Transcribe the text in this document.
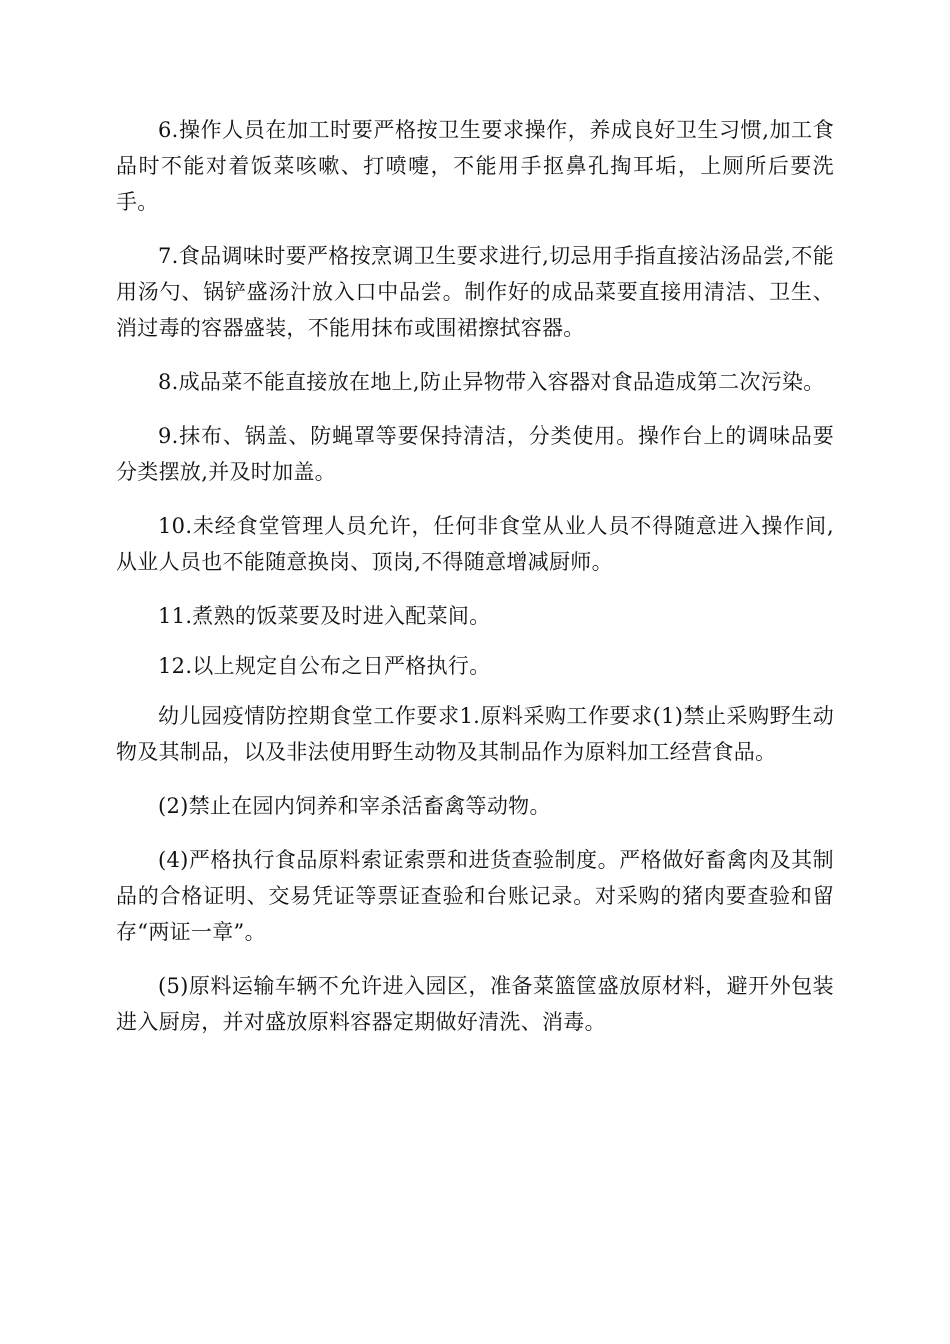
6.操作人员在加工时要严格按卫生要求操作，养成良好卫生习惯,加工食品时不能对着饭菜咳嗽、打喷嚏，不能用手抠鼻孔掏耳垢，上厕所后要洗手。

7.食品调味时要严格按烹调卫生要求进行,切忌用手指直接沾汤品尝,不能用汤勺、锅铲盛汤汁放入口中品尝。制作好的成品菜要直接用清洁、卫生、消过毒的容器盛装，不能用抹布或围裙擦拭容器。

8.成品菜不能直接放在地上,防止异物带入容器对食品造成第二次污染。

9.抹布、锅盖、防蝇罩等要保持清洁，分类使用。操作台上的调味品要分类摆放,并及时加盖。

10.未经食堂管理人员允许，任何非食堂从业人员不得随意进入操作间,从业人员也不能随意换岗、顶岗,不得随意增减厨师。

11.煮熟的饭菜要及时进入配菜间。

12.以上规定自公布之日严格执行。

幼儿园疫情防控期食堂工作要求1.原料采购工作要求(1)禁止采购野生动物及其制品，以及非法使用野生动物及其制品作为原料加工经营食品。

(2)禁止在园内饲养和宰杀活畜禽等动物。

(4)严格执行食品原料索证索票和进货查验制度。严格做好畜禽肉及其制品的合格证明、交易凭证等票证查验和台账记录。对采购的猪肉要查验和留存“两证一章”。

(5)原料运输车辆不允许进入园区，准备菜篮筐盛放原材料，避开外包装进入厨房，并对盛放原料容器定期做好清洗、消毒。
